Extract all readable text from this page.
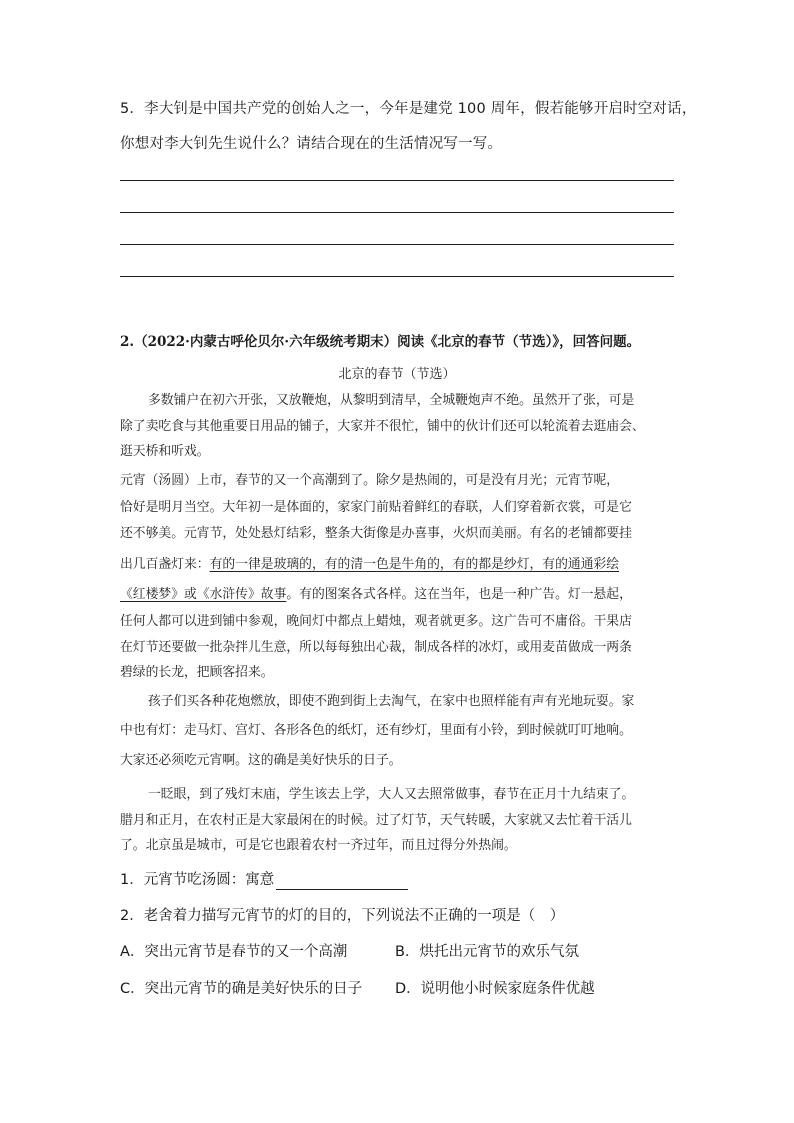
5．李大钊是中国共产党的创始人之一，今年是建党 100 周年，假若能够开启时空对话，
你想对李大钊先生说什么？请结合现在的生活情况写一写。
2.（2022·内蒙古呼伦贝尔·六年级统考期末）阅读《北京的春节（节选）》，回答问题。
北京的春节（节选）
多数铺户在初六开张，又放鞭炮，从黎明到清早，全城鞭炮声不绝。虽然开了张，可是
除了卖吃食与其他重要日用品的铺子，大家并不很忙，铺中的伙计们还可以轮流着去逛庙会、
逛天桥和听戏。
元宵（汤圆）上市，春节的又一个高潮到了。除夕是热闹的，可是没有月光；元宵节呢，
恰好是明月当空。大年初一是体面的，家家门前贴着鲜红的春联，人们穿着新衣裳，可是它
还不够美。元宵节，处处悬灯结彩，整条大街像是办喜事，火炽而美丽。有名的老铺都要挂
出几百盏灯来：有的一律是玻璃的，有的清一色是牛角的，有的都是纱灯，有的通通彩绘
《红楼梦》或《水浒传》故事。有的图案各式各样。这在当年，也是一种广告。灯一悬起，
任何人都可以进到铺中参观，晚间灯中都点上蜡烛，观者就更多。这广告可不庸俗。干果店
在灯节还要做一批杂拌儿生意，所以每每独出心裁，制成各样的冰灯，或用麦苗做成一两条
碧绿的长龙，把顾客招来。
孩子们买各种花炮燃放，即使不跑到街上去淘气，在家中也照样能有声有光地玩耍。家
中也有灯：走马灯、宫灯、各形各色的纸灯，还有纱灯，里面有小铃，到时候就叮叮地响。
大家还必须吃元宵啊。这的确是美好快乐的日子。
一眨眼，到了残灯末庙，学生该去上学，大人又去照常做事，春节在正月十九结束了。
腊月和正月，在农村正是大家最闲在的时候。过了灯节，天气转暖，大家就又去忙着干活儿
了。北京虽是城市，可是它也跟着农村一齐过年，而且过得分外热闹。
1．元宵节吃汤圆：寓意
2．老舍着力描写元宵节的灯的目的，下列说法不正确的一项是（　）
A．突出元宵节是春节的又一个高潮	B．烘托出元宵节的欢乐气氛
C．突出元宵节的确是美好快乐的日子 D．说明他小时候家庭条件优越
